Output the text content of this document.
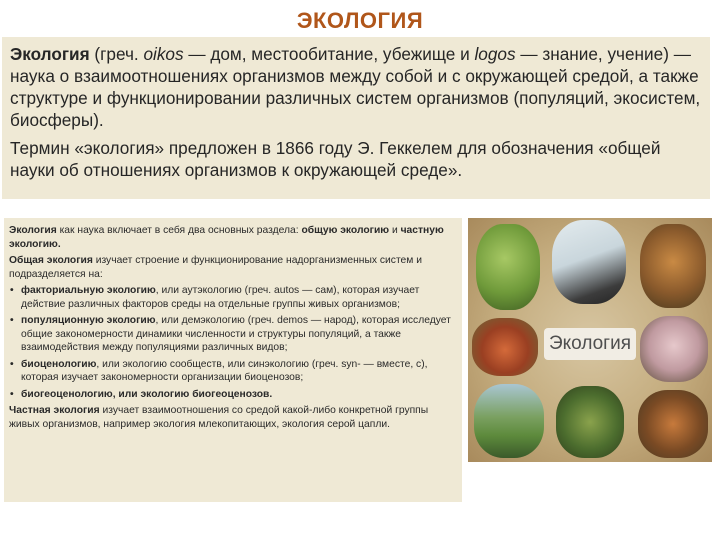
ЭКОЛОГИЯ

Экология (греч. oikos — дом, местообитание, убежище и logos — знание, учение) — наука о взаимоотношениях организмов между собой и с окружающей средой, а также структуре и функционировании различных систем организмов (популяций, экосистем, биосферы).

Термин «экология» предложен в 1866 году Э. Геккелем для обозначения «общей науки об отношениях организмов к окружающей среде».

Экология как наука включает в себя два основных раздела: общую экологию и частную экологию.

Общая экология изучает строение и функционирование надорганизменных систем и подразделяется на:

• факториальную экологию, или аутэкологию (греч. autos — сам), которая изучает действие различных факторов среды на отдельные группы живых организмов;
• популяционную экологию, или демэкологию (греч. demos — народ), которая исследует общие закономерности динамики численности и структуры популяций, а также взаимодействия между популяциями различных видов;
• биоценологию, или экологию сообществ, или синэкологию (греч. syn- — вместе, с), которая изучает закономерности организации биоценозов;
• биогеоценологию, или экологию биогеоценозов.

Частная экология изучает взаимоотношения со средой какой-либо конкретной группы живых организмов, например экология млекопитающих, экология серой цапли.

Экология
